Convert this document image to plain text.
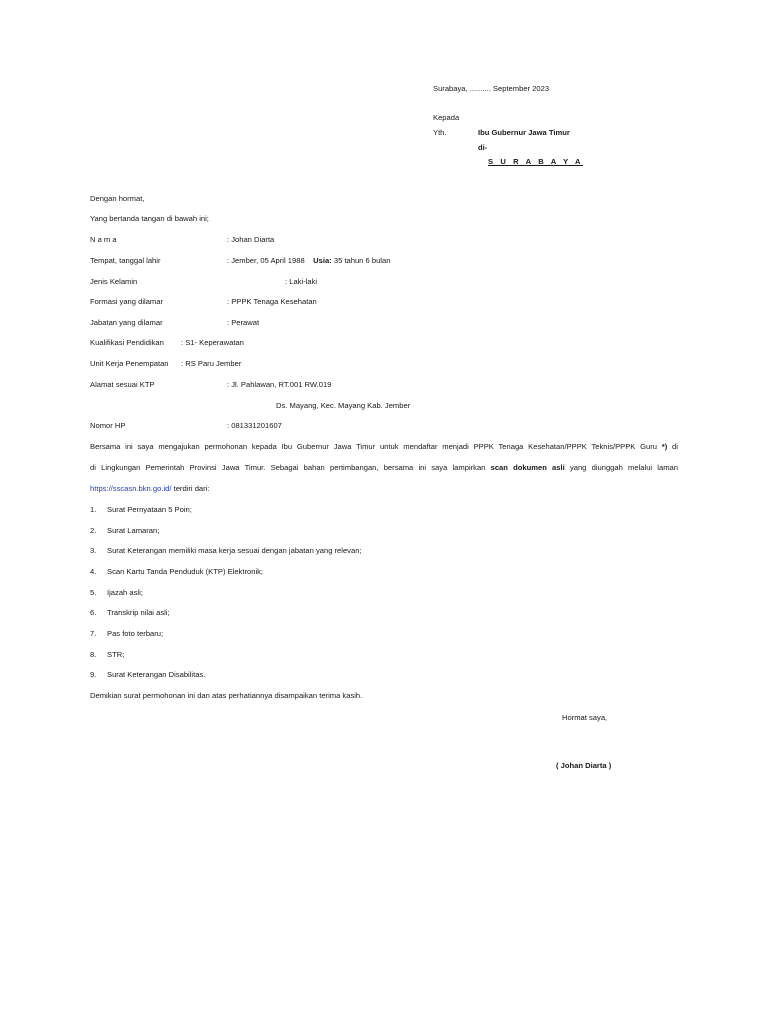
Surabaya, .......... September 2023
Kepada
Yth.	Ibu Gubernur Jawa Timur
di-
S U R A B A Y A
Dengan hormat,
Yang bertanda tangan di bawah ini;
N a m a	: Johan Diarta
Tempat, tanggal lahir	: Jember, 05 April 1988 Usia: 35 tahun 6 bulan
Jenis Kelamin	: Laki-laki
Formasi yang dilamar	: PPPK Tenaga Kesehatan
Jabatan yang dilamar	: Perawat
Kualifikasi Pendidikan : S1- Keperawatan
Unit Kerja Penempatan : RS Paru Jember
Alamat sesuai KTP	: Jl. Pahlawan, RT.001 RW.019
Ds. Mayang, Kec. Mayang Kab. Jember
Nomor HP	: 081331201607
Bersama ini saya mengajukan permohonan kepada Ibu Gubernur Jawa Timur untuk mendaftar menjadi PPPK Tenaga Kesehatan/PPPK Teknis/PPPK Guru *) di
di Lingkungan Pemerintah Provinsi Jawa Timur. Sebagai bahan pertimbangan, bersama ini saya lampirkan scan dokumen asli yang diunggah melalui laman
https://sscasn.bkn.go.id/ terdiri dari:
1. Surat Pernyataan 5 Poin;
2. Surat Lamaran;
3. Surat Keterangan memiliki masa kerja sesuai dengan jabatan yang relevan;
4. Scan Kartu Tanda Penduduk (KTP) Elektronik;
5. Ijazah asli;
6. Transkrip nilai asli;
7. Pas foto terbaru;
8. STR;
9. Surat Keterangan Disabilitas.
Demikian surat permohonan ini dan atas perhatiannya disampaikan terima kasih.
Hormat saya,
( Johan Diarta )
